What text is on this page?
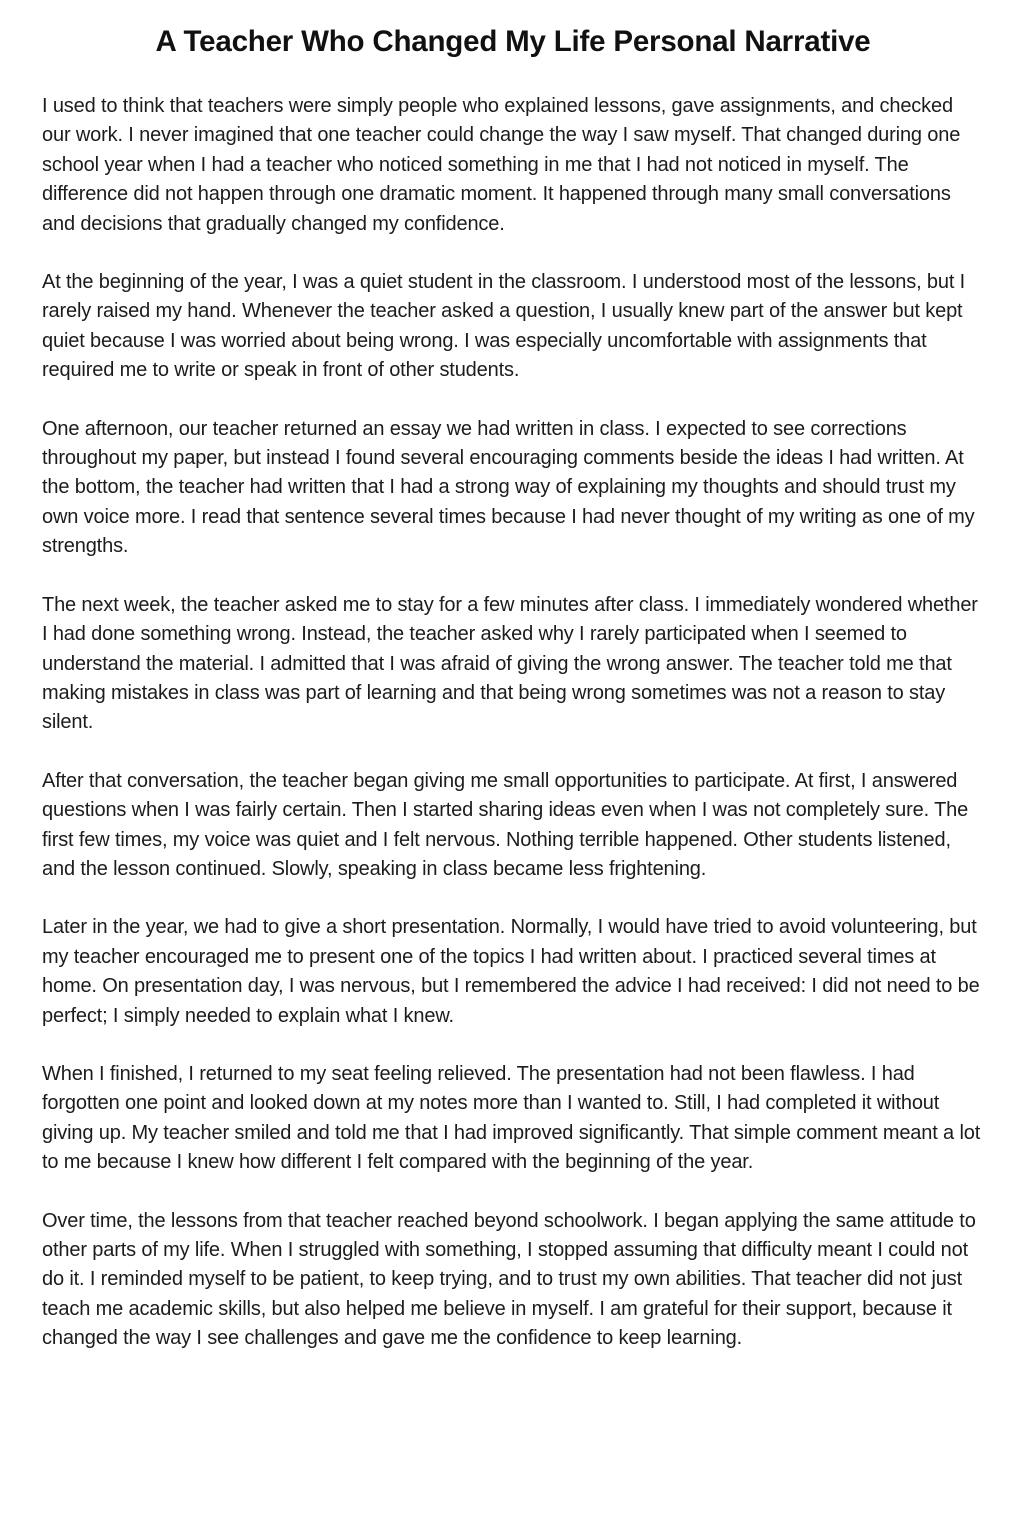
A Teacher Who Changed My Life Personal Narrative

I used to think that teachers were simply people who explained lessons, gave assignments, and checked our work. I never imagined that one teacher could change the way I saw myself. That changed during one school year when I had a teacher who noticed something in me that I had not noticed in myself. The difference did not happen through one dramatic moment. It happened through many small conversations and decisions that gradually changed my confidence.

At the beginning of the year, I was a quiet student in the classroom. I understood most of the lessons, but I rarely raised my hand. Whenever the teacher asked a question, I usually knew part of the answer but kept quiet because I was worried about being wrong. I was especially uncomfortable with assignments that required me to write or speak in front of other students.

One afternoon, our teacher returned an essay we had written in class. I expected to see corrections throughout my paper, but instead I found several encouraging comments beside the ideas I had written. At the bottom, the teacher had written that I had a strong way of explaining my thoughts and should trust my own voice more. I read that sentence several times because I had never thought of my writing as one of my strengths.

The next week, the teacher asked me to stay for a few minutes after class. I immediately wondered whether I had done something wrong. Instead, the teacher asked why I rarely participated when I seemed to understand the material. I admitted that I was afraid of giving the wrong answer. The teacher told me that making mistakes in class was part of learning and that being wrong sometimes was not a reason to stay silent.

After that conversation, the teacher began giving me small opportunities to participate. At first, I answered questions when I was fairly certain. Then I started sharing ideas even when I was not completely sure. The first few times, my voice was quiet and I felt nervous. Nothing terrible happened. Other students listened, and the lesson continued. Slowly, speaking in class became less frightening.

Later in the year, we had to give a short presentation. Normally, I would have tried to avoid volunteering, but my teacher encouraged me to present one of the topics I had written about. I practiced several times at home. On presentation day, I was nervous, but I remembered the advice I had received: I did not need to be perfect; I simply needed to explain what I knew.

When I finished, I returned to my seat feeling relieved. The presentation had not been flawless. I had forgotten one point and looked down at my notes more than I wanted to. Still, I had completed it without giving up. My teacher smiled and told me that I had improved significantly. That simple comment meant a lot to me because I knew how different I felt compared with the beginning of the year.

Over time, the lessons from that teacher reached beyond schoolwork. I began applying the same attitude to other parts of my life. When I struggled with something, I stopped assuming that difficulty meant I could not do it. I reminded myself to be patient, to keep trying, and to trust my own abilities. That teacher did not just teach me academic skills, but also helped me believe in myself. I am grateful for their support, because it changed the way I see challenges and gave me the confidence to keep learning.
